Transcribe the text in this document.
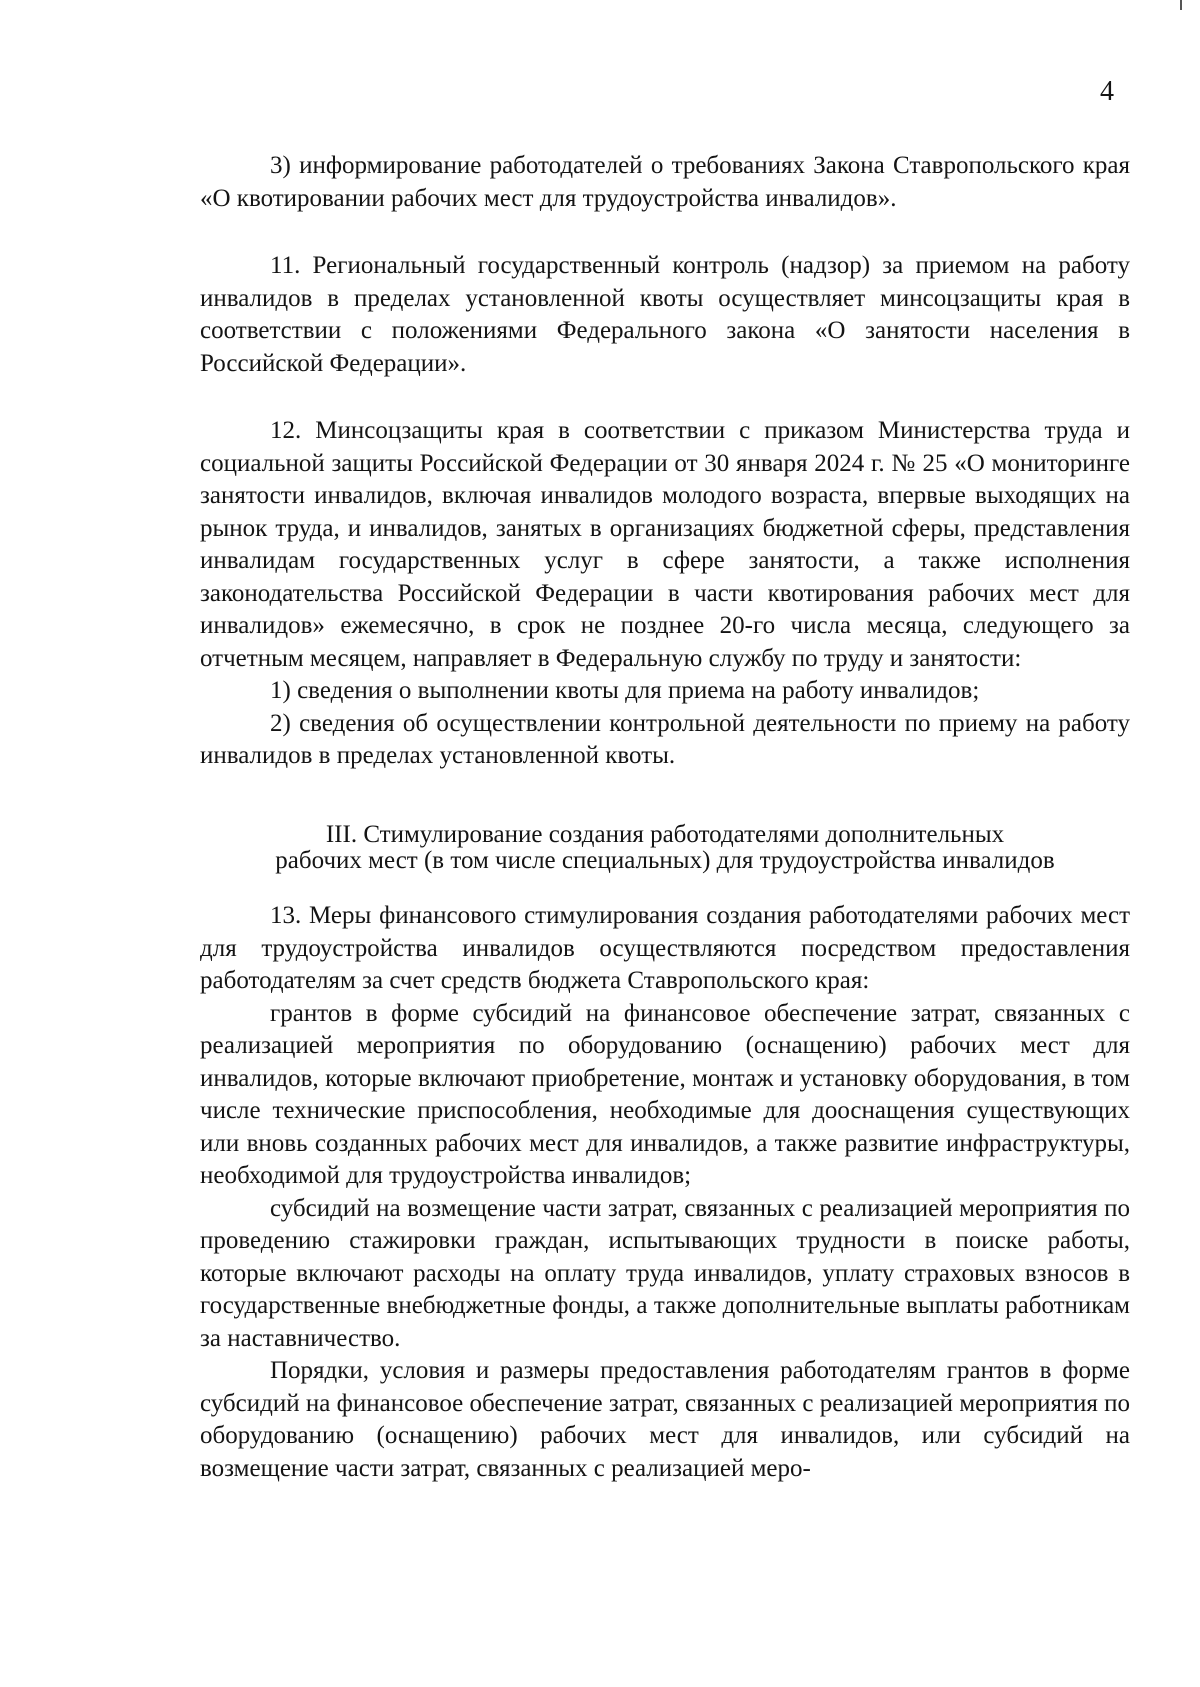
4

3) информирование работодателей о требованиях Закона Ставропольского края «О квотировании рабочих мест для трудоустройства инвалидов».

11. Региональный государственный контроль (надзор) за приемом на работу инвалидов в пределах установленной квоты осуществляет минсоцзащиты края в соответствии с положениями Федерального закона «О занятости населения в Российской Федерации».

12. Минсоцзащиты края в соответствии с приказом Министерства труда и социальной защиты Российской Федерации от 30 января 2024 г. № 25 «О мониторинге занятости инвалидов, включая инвалидов молодого возраста, впервые выходящих на рынок труда, и инвалидов, занятых в организациях бюджетной сферы, представления инвалидам государственных услуг в сфере занятости, а также исполнения законодательства Российской Федерации в части квотирования рабочих мест для инвалидов» ежемесячно, в срок не позднее 20-го числа месяца, следующего за отчетным месяцем, направляет в Федеральную службу по труду и занятости:

1) сведения о выполнении квоты для приема на работу инвалидов;

2) сведения об осуществлении контрольной деятельности по приему на работу инвалидов в пределах установленной квоты.

III. Стимулирование создания работодателями дополнительных
рабочих мест (в том числе специальных) для трудоустройства инвалидов

13. Меры финансового стимулирования создания работодателями рабочих мест для трудоустройства инвалидов осуществляются посредством предоставления работодателям за счет средств бюджета Ставропольского края:

грантов в форме субсидий на финансовое обеспечение затрат, связанных с реализацией мероприятия по оборудованию (оснащению) рабочих мест для инвалидов, которые включают приобретение, монтаж и установку оборудования, в том числе технические приспособления, необходимые для дооснащения существующих или вновь созданных рабочих мест для инвалидов, а также развитие инфраструктуры, необходимой для трудоустройства инвалидов;

субсидий на возмещение части затрат, связанных с реализацией мероприятия по проведению стажировки граждан, испытывающих трудности в поиске работы, которые включают расходы на оплату труда инвалидов, уплату страховых взносов в государственные внебюджетные фонды, а также дополнительные выплаты работникам за наставничество.

Порядки, условия и размеры предоставления работодателям грантов в форме субсидий на финансовое обеспечение затрат, связанных с реализацией мероприятия по оборудованию (оснащению) рабочих мест для инвалидов, или субсидий на возмещение части затрат, связанных с реализацией меро-
